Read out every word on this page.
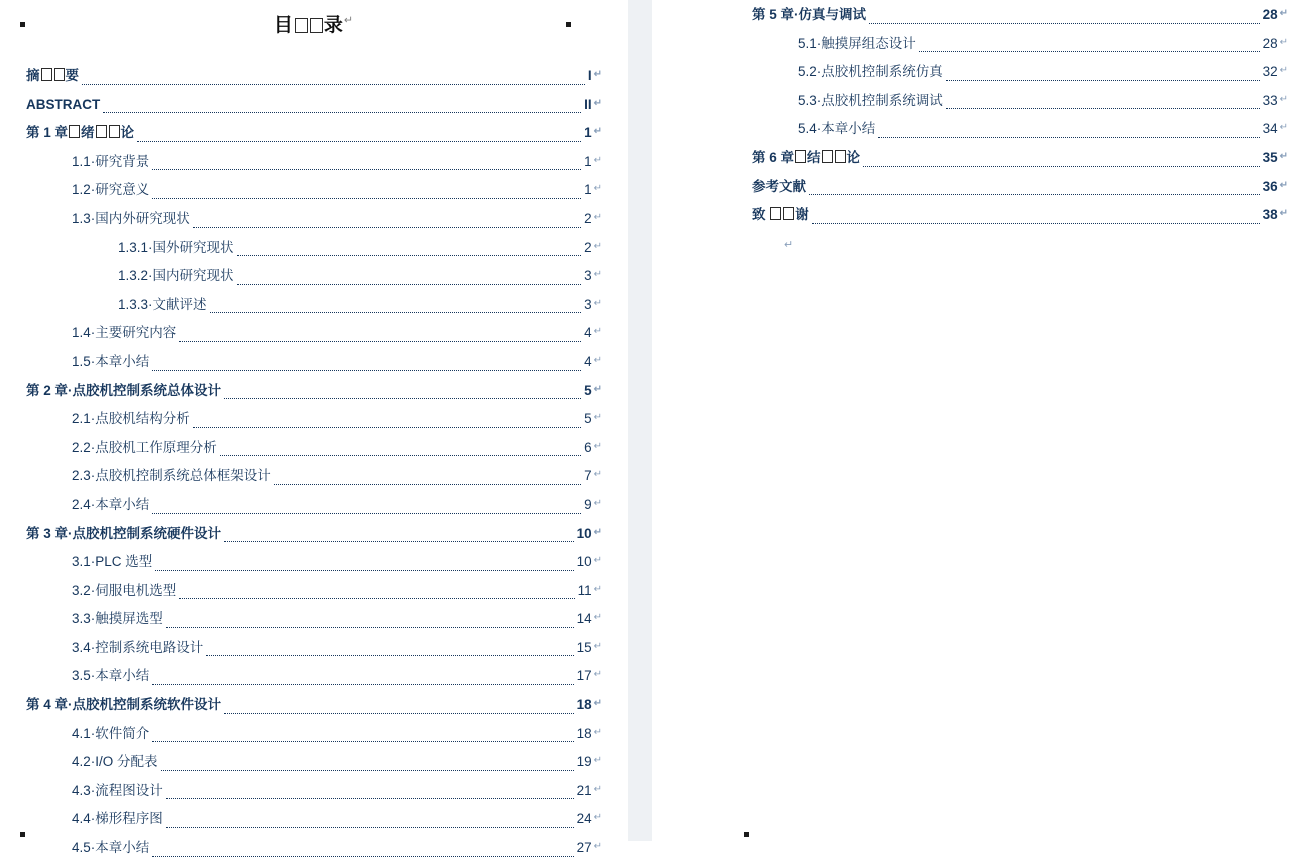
目 录↵
摘 要	I ↵
ABSTRACT	II ↵
第 1 章 绪 论	1 ↵
1.1·研究背景	1 ↵
1.2·研究意义	1 ↵
1.3·国内外研究现状	2 ↵
1.3.1·国外研究现状	2 ↵
1.3.2·国内研究现状	3 ↵
1.3.3·文献评述	3 ↵
1.4·主要研究内容	4 ↵
1.5·本章小结	4 ↵
第 2 章·点胶机控制系统总体设计	5 ↵
2.1·点胶机结构分析	5 ↵
2.2·点胶机工作原理分析	6 ↵
2.3·点胶机控制系统总体框架设计	7 ↵
2.4·本章小结	9 ↵
第 3 章·点胶机控制系统硬件设计	10 ↵
3.1·PLC 选型	10 ↵
3.2·伺服电机选型	11 ↵
3.3·触摸屏选型	14 ↵
3.4·控制系统电路设计	15 ↵
3.5·本章小结	17 ↵
第 4 章·点胶机控制系统软件设计	18 ↵
4.1·软件简介	18 ↵
4.2·I/O 分配表	19 ↵
4.3·流程图设计	21 ↵
4.4·梯形程序图	24 ↵
4.5·本章小结	27 ↵
第 5 章·仿真与调试	28 ↵
5.1·触摸屏组态设计	28 ↵
5.2·点胶机控制系统仿真	32 ↵
5.3·点胶机控制系统调试	33 ↵
5.4·本章小结	34 ↵
第 6 章 结 论	35 ↵
参考文献	36 ↵
致 谢	38 ↵
↵
